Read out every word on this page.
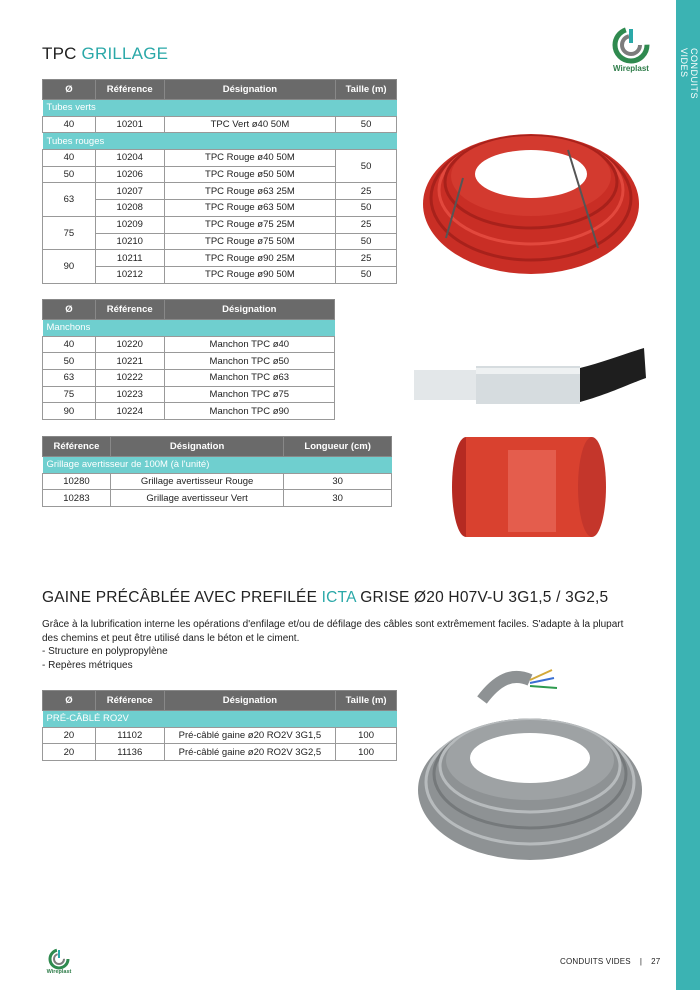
CONDUITS VIDES
Wireplast
TPC GRILLAGE
Ø	Référence	Désignation	Taille (m)
Tubes verts			
40	10201	TPC Vert ø40 50M	50
Tubes rouges			
40	10204	TPC Rouge ø40 50M	50
50	10206	TPC Rouge ø50 50M	
63	10207	TPC Rouge ø63 25M	25
	10208	TPC Rouge ø63 50M	50
75	10209	TPC Rouge ø75 25M	25
	10210	TPC Rouge ø75 50M	50
90	10211	TPC Rouge ø90 25M	25
	10212	TPC Rouge ø90 50M	50
Ø	Référence	Désignation
Manchons		
40	10220	Manchon TPC ø40
50	10221	Manchon TPC ø50
63	10222	Manchon TPC ø63
75	10223	Manchon TPC ø75
90	10224	Manchon TPC ø90
Référence	Désignation	Longueur (cm)
Grillage avertisseur de 100M (à l'unité)		
10280	Grillage avertisseur Rouge	30
10283	Grillage avertisseur Vert	30
GAINE PRÉCÂBLÉE AVEC PREFILÉE ICTA GRISE Ø20 H07V-U 3G1,5 / 3G2,5
Grâce à la lubrification interne les opérations d'enfilage et/ou de défilage des câbles sont extrêmement faciles. S'adapte à la plupart des chemins et peut être utilisé dans le béton et le ciment.
- Structure en polypropylène
- Repères métriques
Ø	Référence	Désignation	Taille (m)
PRÉ-CÂBLÉ RO2V			
20	11102	Pré-câblé gaine ø20 RO2V 3G1,5	100
20	11136	Pré-câblé gaine ø20 RO2V 3G2,5	100
Wireplast
CONDUITS VIDES | 27
